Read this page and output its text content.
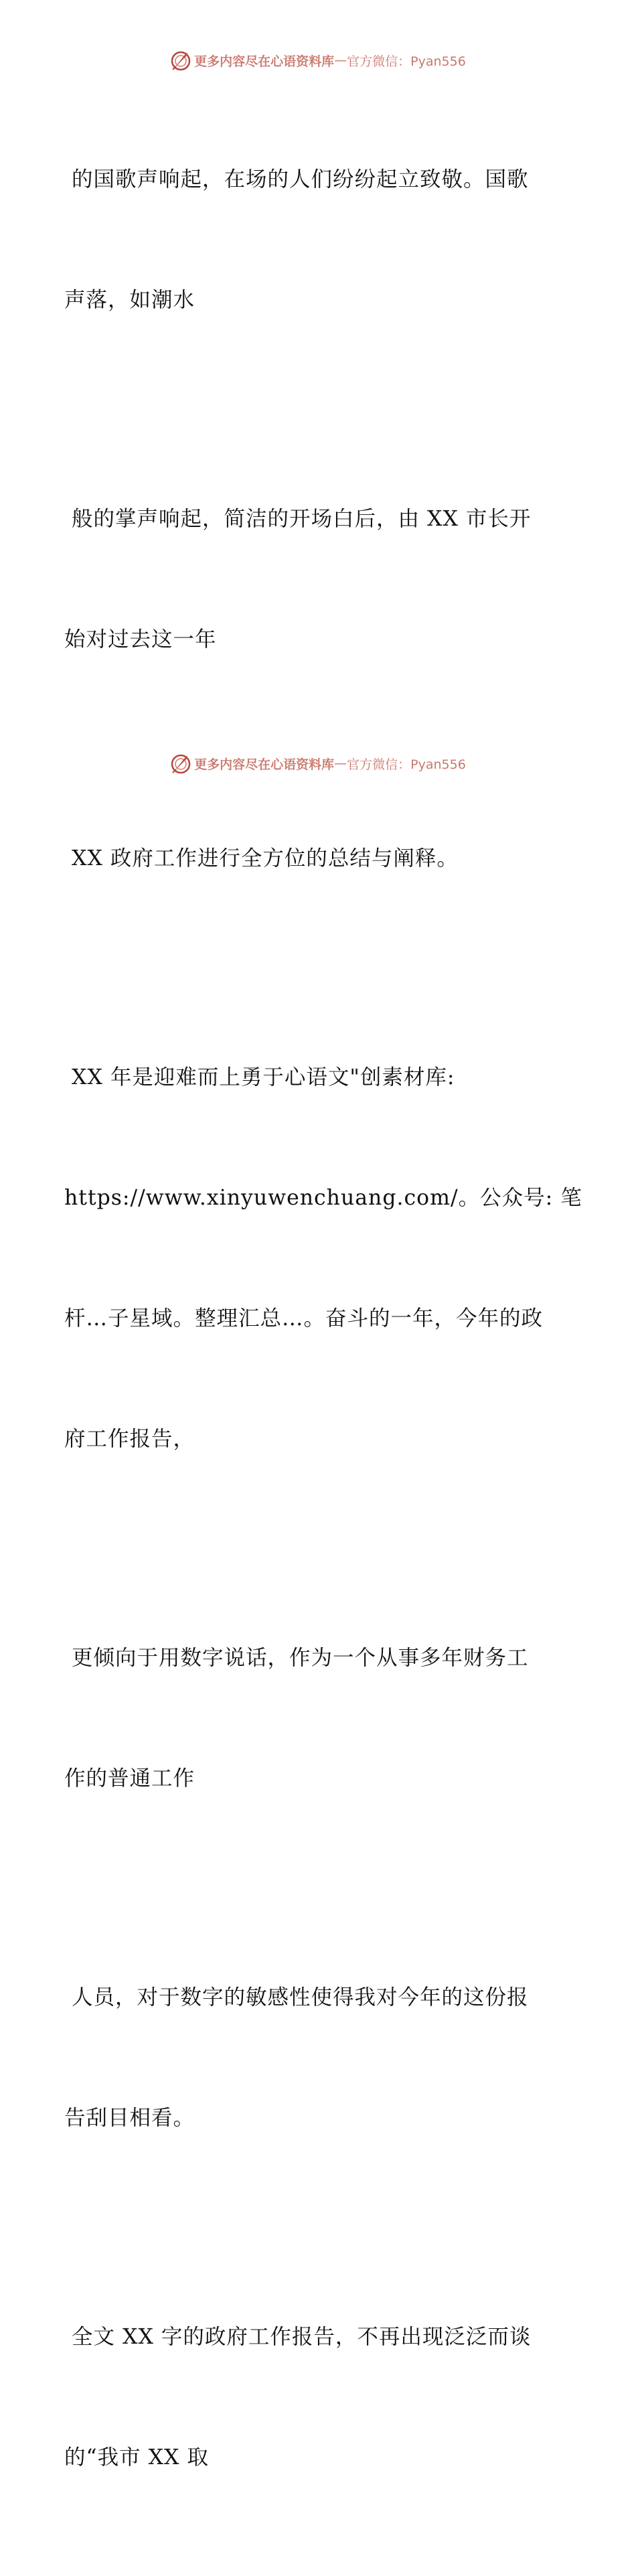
更多内容尽在心语资料库 — 官方微信：Pyan556

的国歌声响起，在场的人们纷纷起立致敬。国歌

声落，如潮水

般的掌声响起，简洁的开场白后，由 XX 市长开

始对过去这一年

XX 政府工作进行全方位的总结与阐释。

XX 年是迎难而上勇于心语文"创素材库:

https://www.xinyuwenchuang.com/。公众号: 笔

杆…子星域。整理汇总…。奋斗的一年，今年的政

府工作报告，

更倾向于用数字说话，作为一个从事多年财务工

作的普通工作

人员，对于数字的敏感性使得我对今年的这份报

告刮目相看。

全文 XX 字的政府工作报告，不再出现泛泛而谈

的“我市 XX 取

更多内容尽在心语资料库 — 官方微信：Pyan556
